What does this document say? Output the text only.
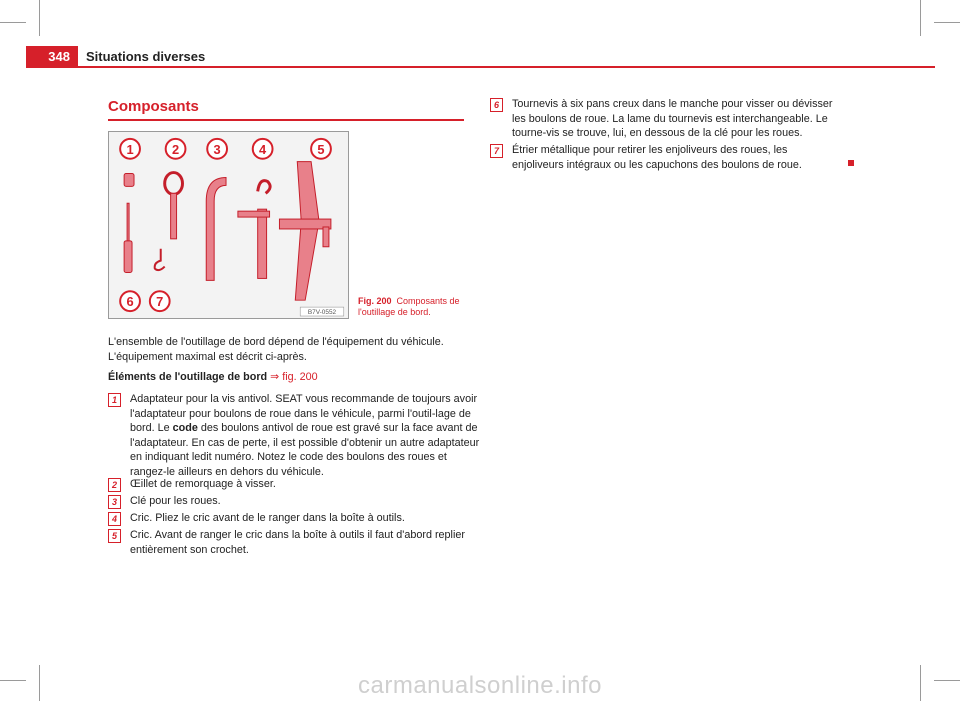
348	Situations diverses
Composants
1	2	3	4	5
6 7
B7V-0552
Fig. 200 Composants de l'outillage de bord.
L'ensemble de l'outillage de bord dépend de l'équipement du véhicule. L'équipement maximal est décrit ci-après.
Éléments de l'outillage de bord ⇒ fig. 200
1	Adaptateur pour la vis antivol. SEAT vous recommande de toujours avoir l'adaptateur pour boulons de roue dans le véhicule, parmi l'outil-lage de bord. Le code des boulons antivol de roue est gravé sur la face avant de l'adaptateur. En cas de perte, il est possible d'obtenir un autre adaptateur en indiquant ledit numéro. Notez le code des boulons des roues et rangez-le ailleurs en dehors du véhicule.
2	Œillet de remorquage à visser.
3	Clé pour les roues.
4	Cric. Pliez le cric avant de le ranger dans la boîte à outils.
5	Cric. Avant de ranger le cric dans la boîte à outils il faut d'abord replier entièrement son crochet.
6	Tournevis à six pans creux dans le manche pour visser ou dévisser les boulons de roue. La lame du tournevis est interchangeable. Le tourne-vis se trouve, lui, en dessous de la clé pour les roues.
7	Étrier métallique pour retirer les enjoliveurs des roues, les enjoliveurs intégraux ou les capuchons des boulons de roue.
carmanualsonline.info
